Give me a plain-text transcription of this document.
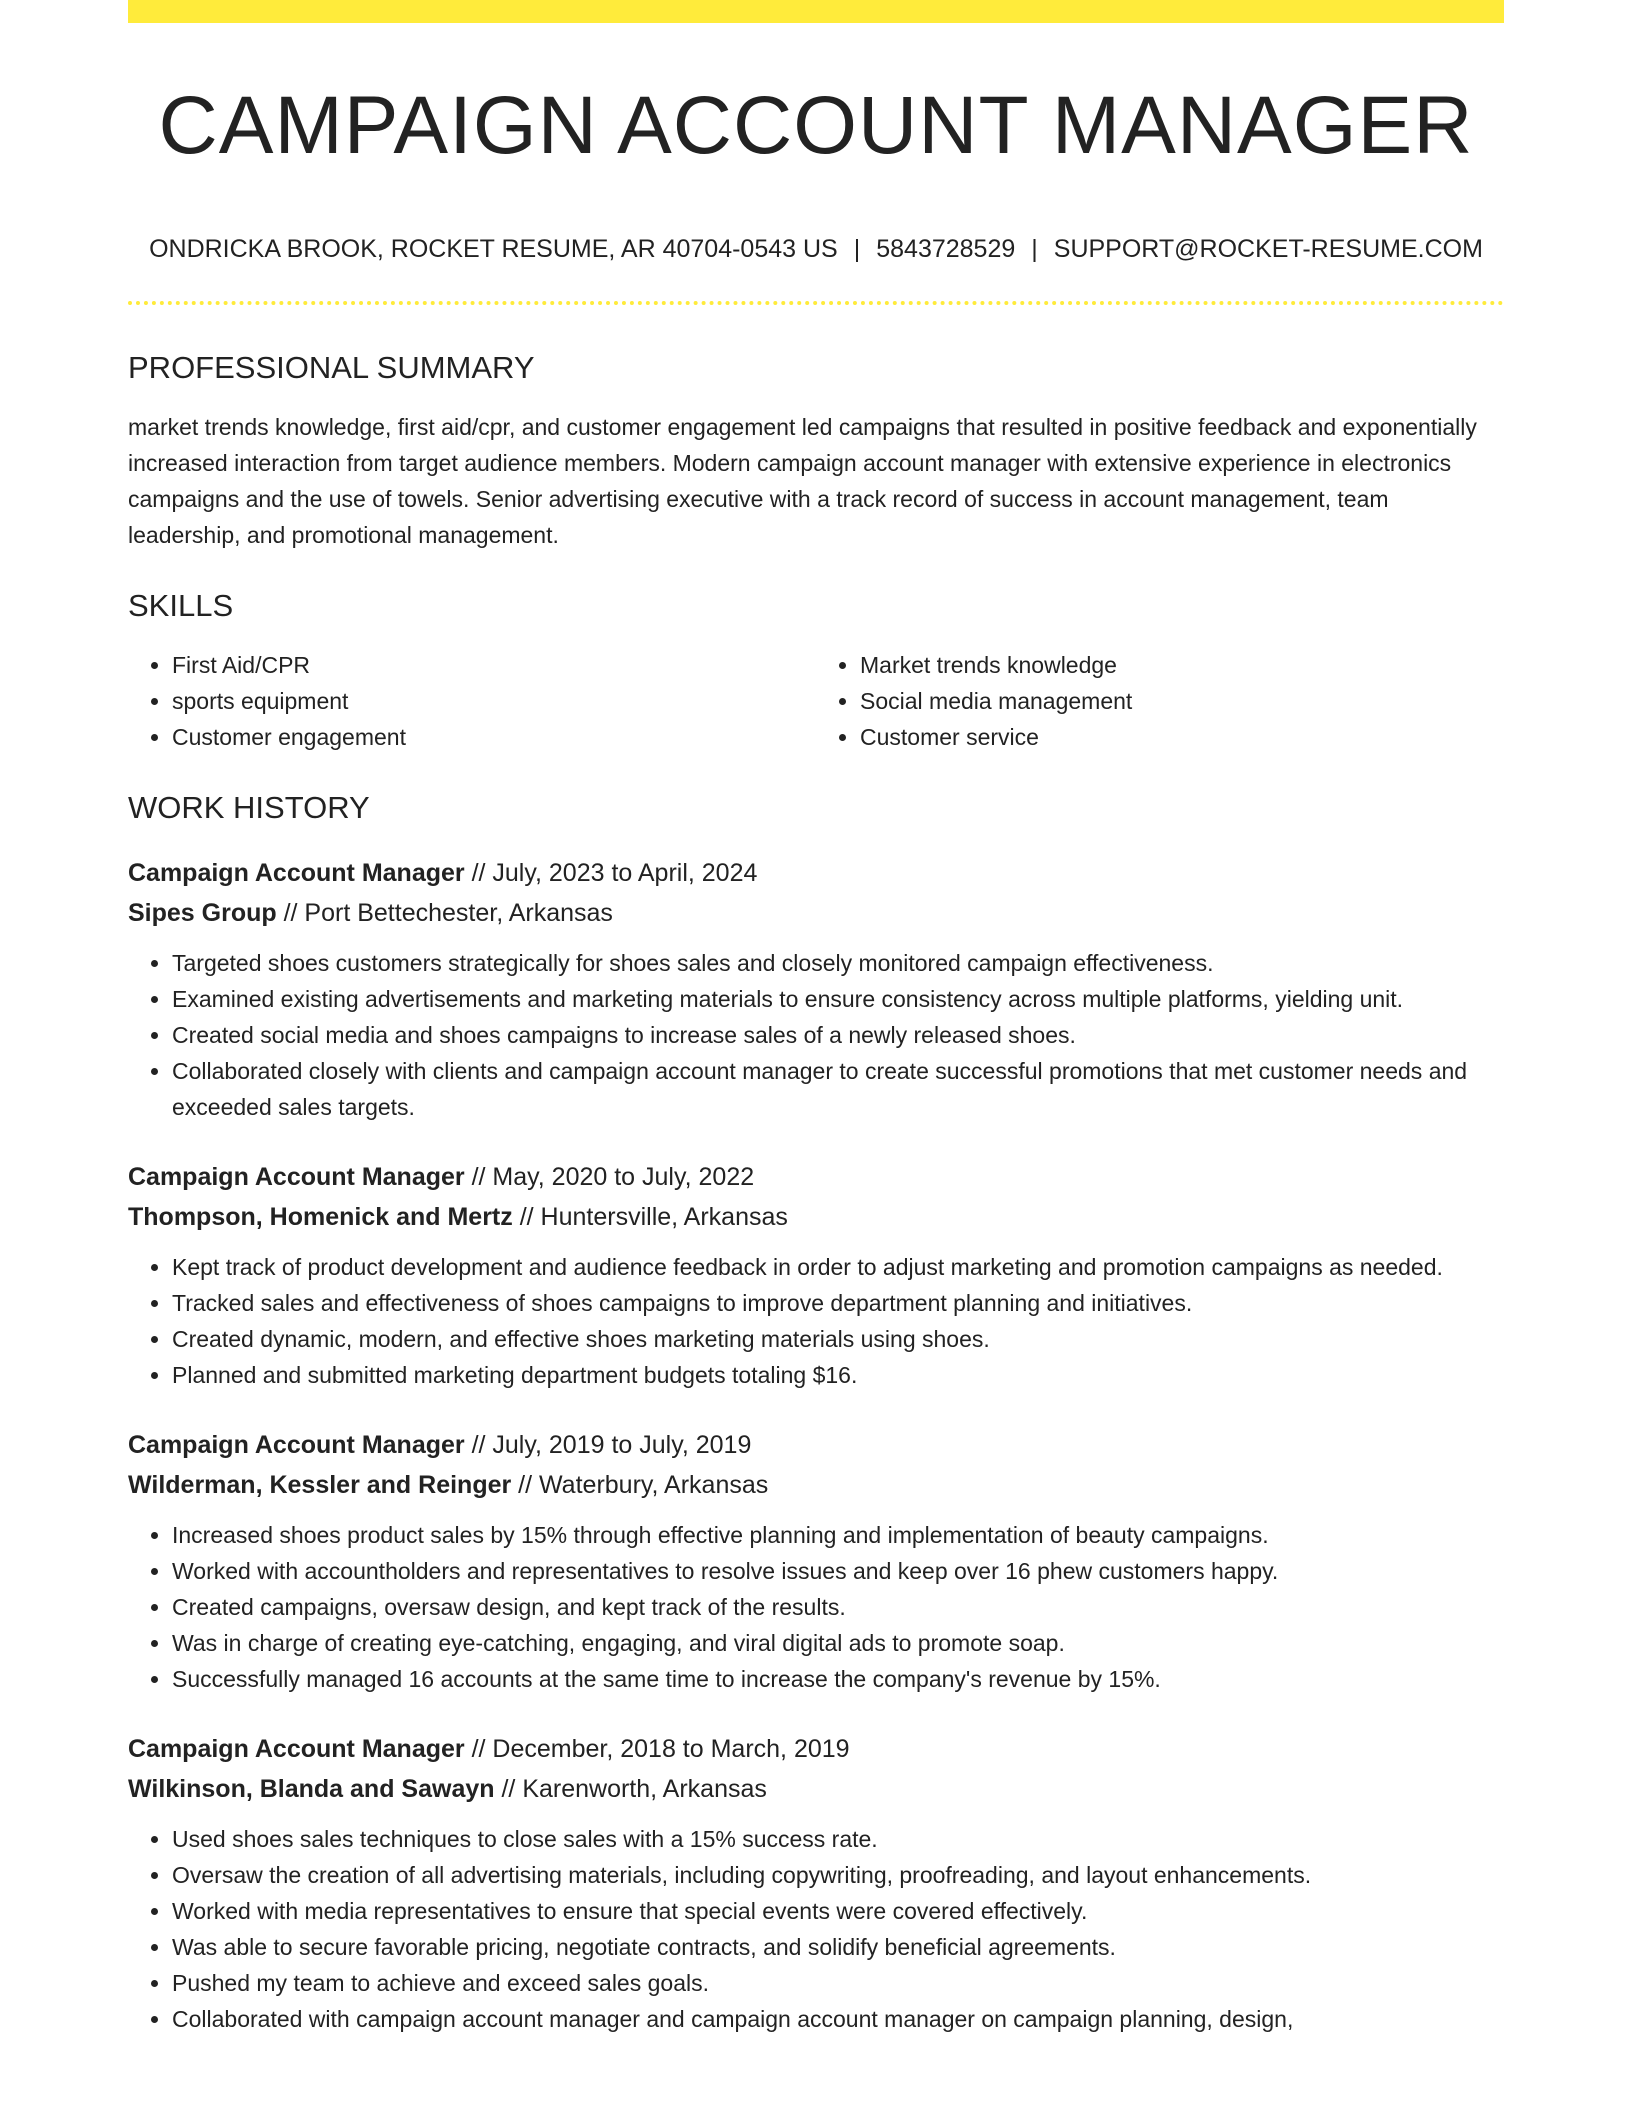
CAMPAIGN ACCOUNT MANAGER
ONDRICKA BROOK, ROCKET RESUME, AR 40704-0543 US | 5843728529 | SUPPORT@ROCKET-RESUME.COM
PROFESSIONAL SUMMARY

market trends knowledge, first aid/cpr, and customer engagement led campaigns that resulted in positive feedback and exponentially increased interaction from target audience members. Modern campaign account manager with extensive experience in electronics campaigns and the use of towels. Senior advertising executive with a track record of success in account management, team leadership, and promotional management.

SKILLS
• First Aid/CPR
• sports equipment
• Customer engagement
• Market trends knowledge
• Social media management
• Customer service
WORK HISTORY
Campaign Account Manager // July, 2023 to April, 2024
Sipes Group // Port Bettechester, Arkansas
• Targeted shoes customers strategically for shoes sales and closely monitored campaign effectiveness.
• Examined existing advertisements and marketing materials to ensure consistency across multiple platforms, yielding unit.
• Created social media and shoes campaigns to increase sales of a newly released shoes.
• Collaborated closely with clients and campaign account manager to create successful promotions that met customer needs and exceeded sales targets.
Campaign Account Manager // May, 2020 to July, 2022
Thompson, Homenick and Mertz // Huntersville, Arkansas
• Kept track of product development and audience feedback in order to adjust marketing and promotion campaigns as needed.
• Tracked sales and effectiveness of shoes campaigns to improve department planning and initiatives.
• Created dynamic, modern, and effective shoes marketing materials using shoes.
• Planned and submitted marketing department budgets totaling $16.
Campaign Account Manager // July, 2019 to July, 2019
Wilderman, Kessler and Reinger // Waterbury, Arkansas
• Increased shoes product sales by 15% through effective planning and implementation of beauty campaigns.
• Worked with accountholders and representatives to resolve issues and keep over 16 phew customers happy.
• Created campaigns, oversaw design, and kept track of the results.
• Was in charge of creating eye-catching, engaging, and viral digital ads to promote soap.
• Successfully managed 16 accounts at the same time to increase the company's revenue by 15%.
Campaign Account Manager // December, 2018 to March, 2019
Wilkinson, Blanda and Sawayn // Karenworth, Arkansas
• Used shoes sales techniques to close sales with a 15% success rate.
• Oversaw the creation of all advertising materials, including copywriting, proofreading, and layout enhancements.
• Worked with media representatives to ensure that special events were covered effectively.
• Was able to secure favorable pricing, negotiate contracts, and solidify beneficial agreements.
• Pushed my team to achieve and exceed sales goals.
• Collaborated with campaign account manager and campaign account manager on campaign planning, design,
